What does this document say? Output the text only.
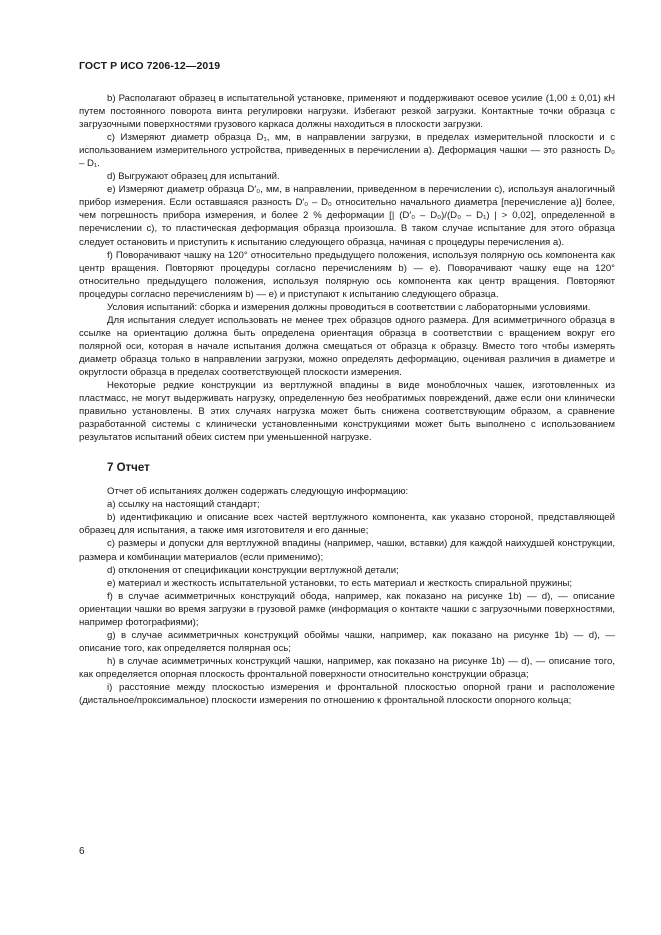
ГОСТ Р ИСО 7206-12—2019

b) Располагают образец в испытательной установке, применяют и поддерживают осевое усилие (1,00 ± 0,01) кН путем постоянного поворота винта регулировки нагрузки. Избегают резкой загрузки. Контактные точки образца с загрузочными поверхностями грузового каркаса должны находиться в плоскости загрузки.

c) Измеряют диаметр образца D₁, мм, в направлении загрузки, в пределах измерительной плоскости и с использованием измерительного устройства, приведенных в перечислении a). Деформация чашки — это разность D₀ – D₁.

d) Выгружают образец для испытаний.

e) Измеряют диаметр образца D′₀, мм, в направлении, приведенном в перечислении c), используя аналогичный прибор измерения. Если оставшаяся разность D′₀ – D₀ относительно начального диаметра [перечисление a)] более, чем погрешность прибора измерения, и более 2 % деформации [| (D′₀ – D₀)/(D₀ – D₁) | > 0,02], определенной в перечислении c), то пластическая деформация образца произошла. В таком случае испытание для этого образца следует остановить и приступить к испытанию следующего образца, начиная с процедуры перечисления a).

f) Поворачивают чашку на 120° относительно предыдущего положения, используя полярную ось компонента как центр вращения. Повторяют процедуры согласно перечислениям b) — e). Поворачивают чашку еще на 120° относительно предыдущего положения, используя полярную ось компонента как центр вращения. Повторяют процедуры согласно перечислениям b) — e) и приступают к испытанию следующего образца.

Условия испытаний: сборка и измерения должны проводиться в соответствии с лабораторными условиями.

Для испытания следует использовать не менее трех образцов одного размера. Для асимметричного образца в ссылке на ориентацию должна быть определена ориентация образца в соответствии с вращением вокруг его полярной оси, которая в начале испытания должна смещаться от образца к образцу. Вместо того чтобы измерять диаметр образца только в направлении загрузки, можно определять деформацию, оценивая различия в диаметре и округлости образца в пределах соответствующей плоскости измерения.

Некоторые редкие конструкции из вертлужной впадины в виде моноблочных чашек, изготовленных из пластмасс, не могут выдерживать нагрузку, определенную без необратимых повреждений, даже если они клинически правильно установлены. В этих случаях нагрузка может быть снижена соответствующим образом, а сравнение разработанной системы с клинически установленными конструкциями может быть выполнено с использованием результатов испытаний обеих систем при уменьшенной нагрузке.

7 Отчет

Отчет об испытаниях должен содержать следующую информацию:

a) ссылку на настоящий стандарт;

b) идентификацию и описание всех частей вертлужного компонента, как указано стороной, представляющей образец для испытания, а также имя изготовителя и его данные;

c) размеры и допуски для вертлужной впадины (например, чашки, вставки) для каждой наихудшей конструкции, размера и комбинации материалов (если применимо);

d) отклонения от спецификации конструкции вертлужной детали;

e) материал и жесткость испытательной установки, то есть материал и жесткость спиральной пружины;

f) в случае асимметричных конструкций обода, например, как показано на рисунке 1b) — d), — описание ориентации чашки во время загрузки в грузовой рамке (информация о контакте чашки с загрузочными поверхностями, например фотографиями);

g) в случае асимметричных конструкций обоймы чашки, например, как показано на рисунке 1b) — d), — описание того, как определяется полярная ось;

h) в случае асимметричных конструкций чашки, например, как показано на рисунке 1b) — d), — описание того, как определяется опорная плоскость фронтальной поверхности относительно конструкции образца;

i) расстояние между плоскостью измерения и фронтальной плоскостью опорной грани и расположение (дистальное/проксимальное) плоскости измерения по отношению к фронтальной плоскости опорного кольца;

6
